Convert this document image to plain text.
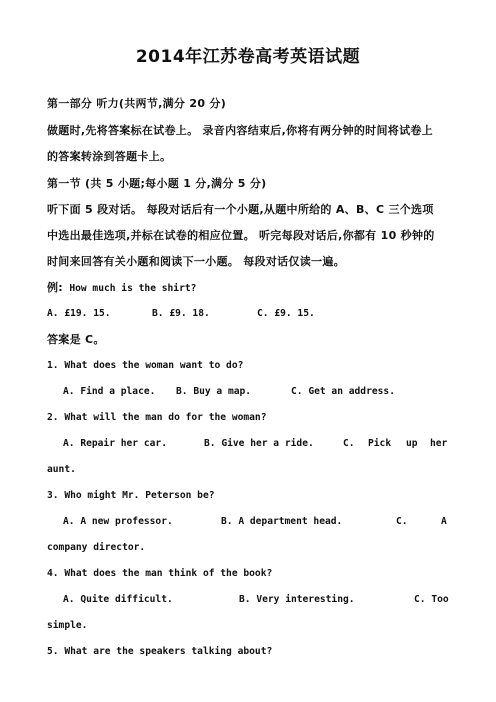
2014年江苏卷高考英语试题
第一部分 听力(共两节,满分 20 分)
做题时,先将答案标在试卷上。 录音内容结束后,你将有两分钟的时间将试卷上
的答案转涂到答题卡上。
第一节 (共 5 小题;每小题 1 分,满分 5 分)
听下面 5 段对话。 每段对话后有一个小题,从题中所给的 A、B、C 三个选项
中选出最佳选项,并标在试卷的相应位置。 听完每段对话后,你都有 10 秒钟的
时间来回答有关小题和阅读下一小题。 每段对话仅读一遍。
例: How much is the shirt?
A. £19. 15.	B. £9. 18.	C. £9. 15.
答案是 C。
1. What does the woman want to do?
A. Find a place. B. Buy a map.	C. Get an address.
2. What will the man do for the woman?
A. Repair her car.	B. Give her a ride.	C. Pick up her
aunt.
3. Who might Mr. Peterson be?
A. A new professor.	B. A department head.	C.	A
company director.
4. What does the man think of the book?
A. Quite difficult.	B. Very interesting.	C. Too
simple.
5. What are the speakers talking about?
